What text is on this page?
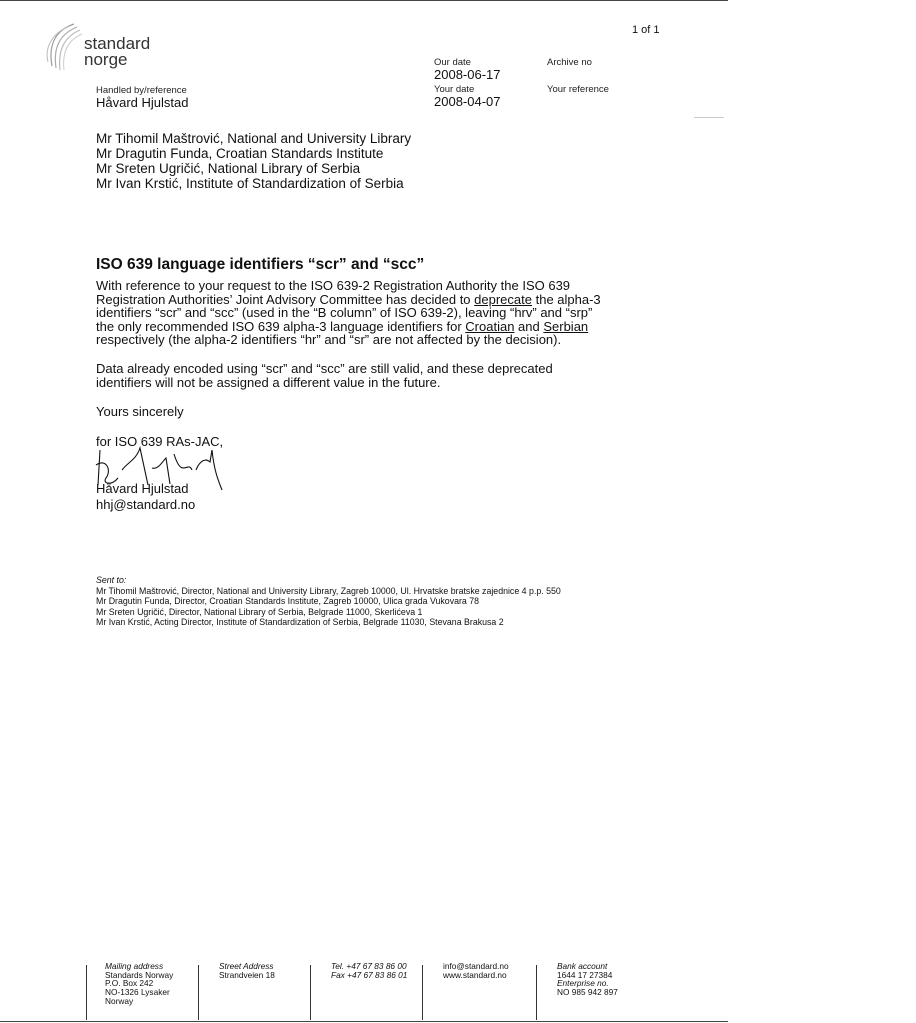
1 of 1
standard
norge
Handled by/reference
Håvard Hjulstad
Our date
2008-06-17
Your date
2008-04-07
Archive no
Your reference
Mr Tihomil Maštrović, National and University Library
Mr Dragutin Funda, Croatian Standards Institute
Mr Sreten Ugričić, National Library of Serbia
Mr Ivan Krstić, Institute of Standardization of Serbia
ISO 639 language identifiers “scr” and “scc”
With reference to your request to the ISO 639-2 Registration Authority the ISO 639
Registration Authorities’ Joint Advisory Committee has decided to deprecate the alpha-3
identifiers “scr” and “scc” (used in the “B column” of ISO 639-2), leaving “hrv” and “srp”
the only recommended ISO 639 alpha-3 language identifiers for Croatian and Serbian
respectively (the alpha-2 identifiers “hr” and “sr” are not affected by the decision).
Data already encoded using “scr” and “scc” are still valid, and these deprecated
identifiers will not be assigned a different value in the future.
Yours sincerely
for ISO 639 RAs-JAC,
Håvard Hjulstad
hhj@standard.no
Sent to:
Mr Tihomil Maštrović, Director, National and University Library, Zagreb 10000, Ul. Hrvatske bratske zajednice 4 p.p. 550
Mr Dragutin Funda, Director, Croatian Standards Institute, Zagreb 10000, Ulica grada Vukovara 78
Mr Sreten Ugričić, Director, National Library of Serbia, Belgrade 11000, Skerlićeva 1
Mr Ivan Krstić, Acting Director, Institute of Standardization of Serbia, Belgrade 11030, Stevana Brakusa 2
Mailing address
Standards Norway
P.O. Box 242
NO-1326 Lysaker
Norway
Street Address
Strandveien 18
Tel. +47 67 83 86 00
Fax +47 67 83 86 01
info@standard.no
www.standard.no
Bank account
1644 17 27384
Enterprise no.
NO 985 942 897
